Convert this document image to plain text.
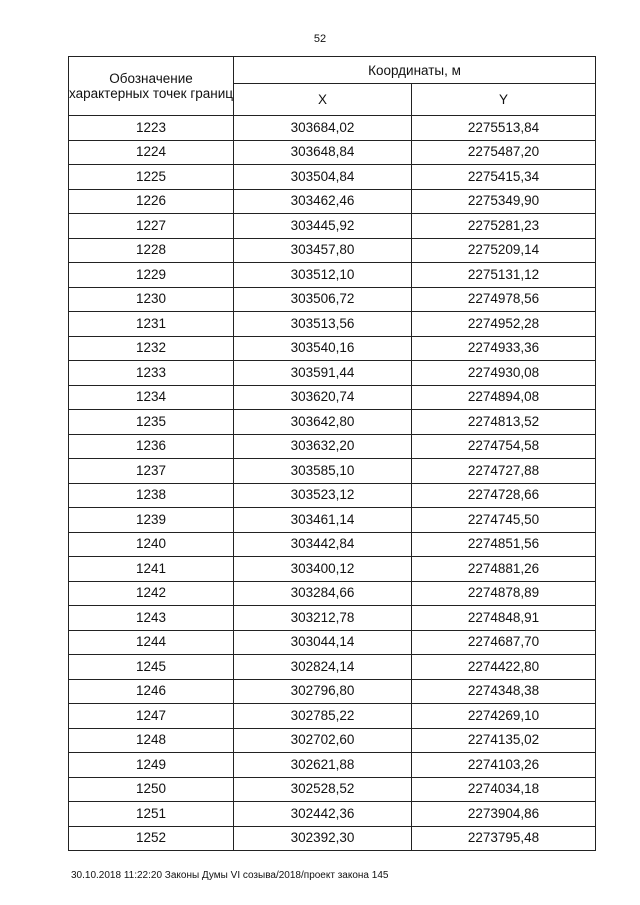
52
Обозначение характерных точек границ	Координаты, м	
	X	Y
1223	303684,02	2275513,84
1224	303648,84	2275487,20
1225	303504,84	2275415,34
1226	303462,46	2275349,90
1227	303445,92	2275281,23
1228	303457,80	2275209,14
1229	303512,10	2275131,12
1230	303506,72	2274978,56
1231	303513,56	2274952,28
1232	303540,16	2274933,36
1233	303591,44	2274930,08
1234	303620,74	2274894,08
1235	303642,80	2274813,52
1236	303632,20	2274754,58
1237	303585,10	2274727,88
1238	303523,12	2274728,66
1239	303461,14	2274745,50
1240	303442,84	2274851,56
1241	303400,12	2274881,26
1242	303284,66	2274878,89
1243	303212,78	2274848,91
1244	303044,14	2274687,70
1245	302824,14	2274422,80
1246	302796,80	2274348,38
1247	302785,22	2274269,10
1248	302702,60	2274135,02
1249	302621,88	2274103,26
1250	302528,52	2274034,18
1251	302442,36	2273904,86
1252	302392,30	2273795,48
30.10.2018 11:22:20 Законы Думы VI созыва/2018/проект закона 145
